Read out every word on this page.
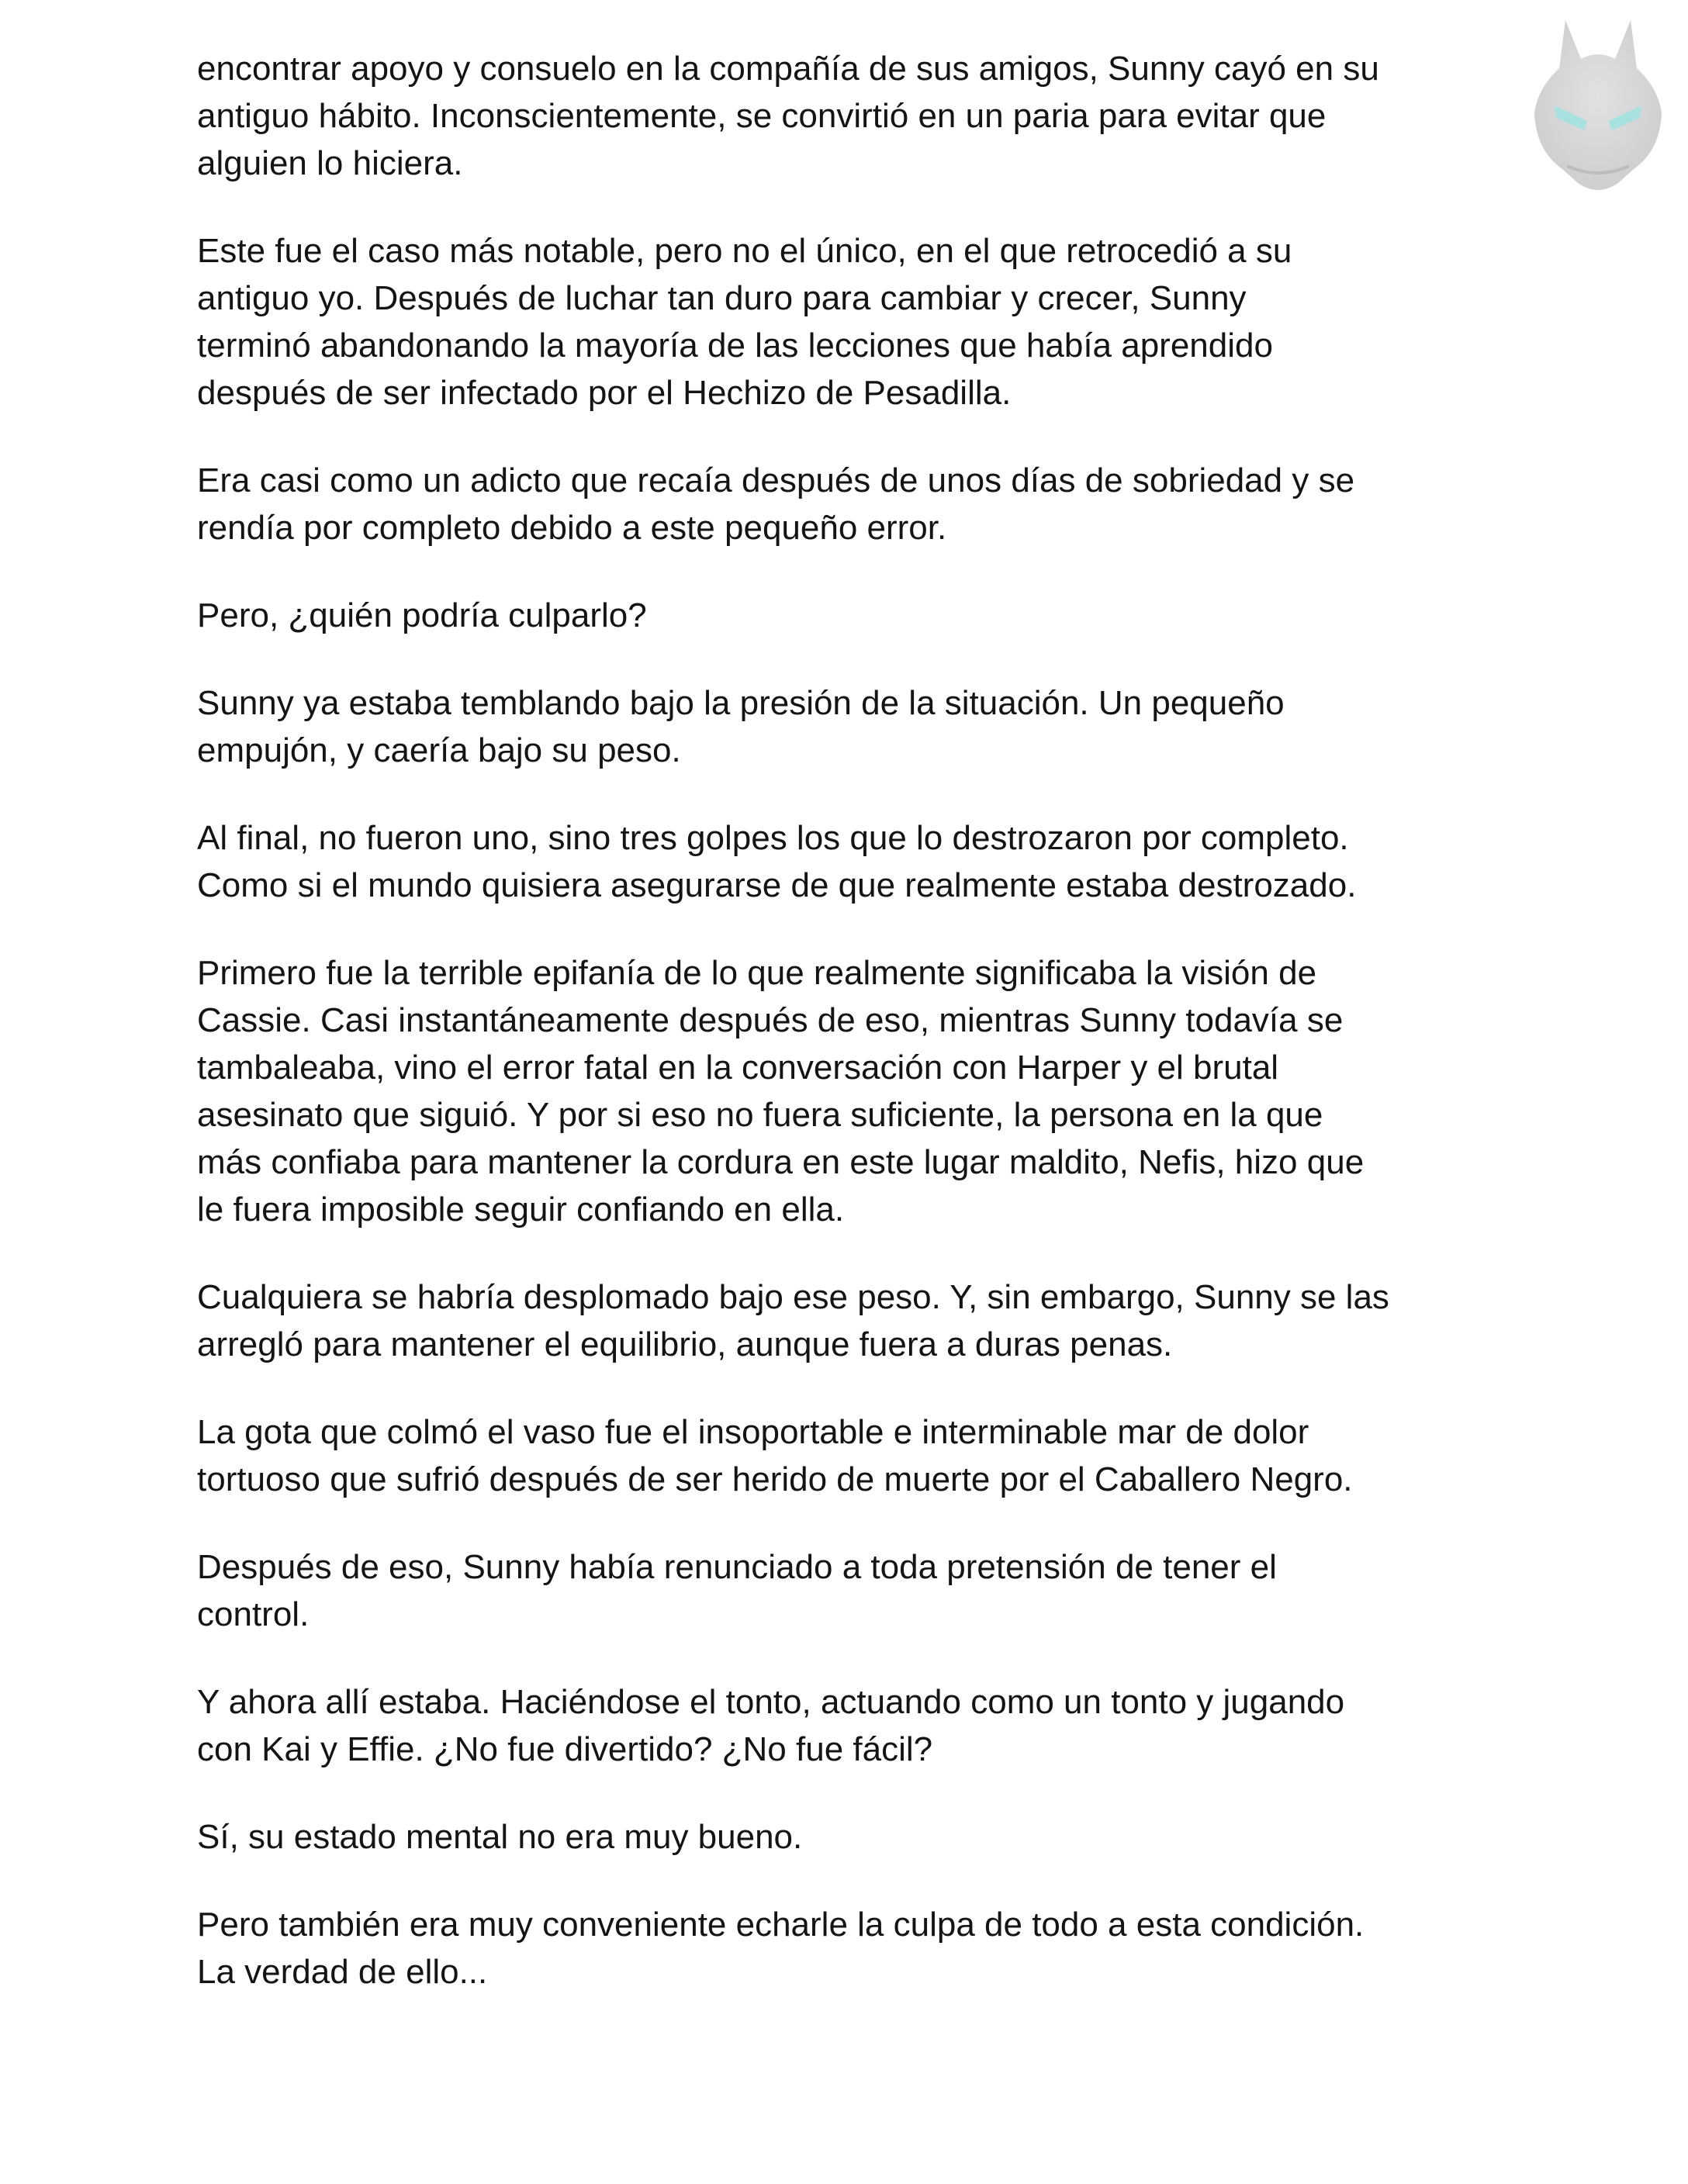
encontrar apoyo y consuelo en la compañía de sus amigos, Sunny cayó en su
antiguo hábito. Inconscientemente, se convirtió en un paria para evitar que
alguien lo hiciera.

Este fue el caso más notable, pero no el único, en el que retrocedió a su
antiguo yo. Después de luchar tan duro para cambiar y crecer, Sunny
terminó abandonando la mayoría de las lecciones que había aprendido
después de ser infectado por el Hechizo de Pesadilla.

Era casi como un adicto que recaía después de unos días de sobriedad y se
rendía por completo debido a este pequeño error.

Pero, ¿quién podría culparlo?

Sunny ya estaba temblando bajo la presión de la situación. Un pequeño
empujón, y caería bajo su peso.

Al final, no fueron uno, sino tres golpes los que lo destrozaron por completo.
Como si el mundo quisiera asegurarse de que realmente estaba destrozado.

Primero fue la terrible epifanía de lo que realmente significaba la visión de
Cassie. Casi instantáneamente después de eso, mientras Sunny todavía se
tambaleaba, vino el error fatal en la conversación con Harper y el brutal
asesinato que siguió. Y por si eso no fuera suficiente, la persona en la que
más confiaba para mantener la cordura en este lugar maldito, Nefis, hizo que
le fuera imposible seguir confiando en ella.

Cualquiera se habría desplomado bajo ese peso. Y, sin embargo, Sunny se las
arregló para mantener el equilibrio, aunque fuera a duras penas.

La gota que colmó el vaso fue el insoportable e interminable mar de dolor
tortuoso que sufrió después de ser herido de muerte por el Caballero Negro.

Después de eso, Sunny había renunciado a toda pretensión de tener el
control.

Y ahora allí estaba. Haciéndose el tonto, actuando como un tonto y jugando
con Kai y Effie. ¿No fue divertido? ¿No fue fácil?

Sí, su estado mental no era muy bueno.

Pero también era muy conveniente echarle la culpa de todo a esta condición.
La verdad de ello...
